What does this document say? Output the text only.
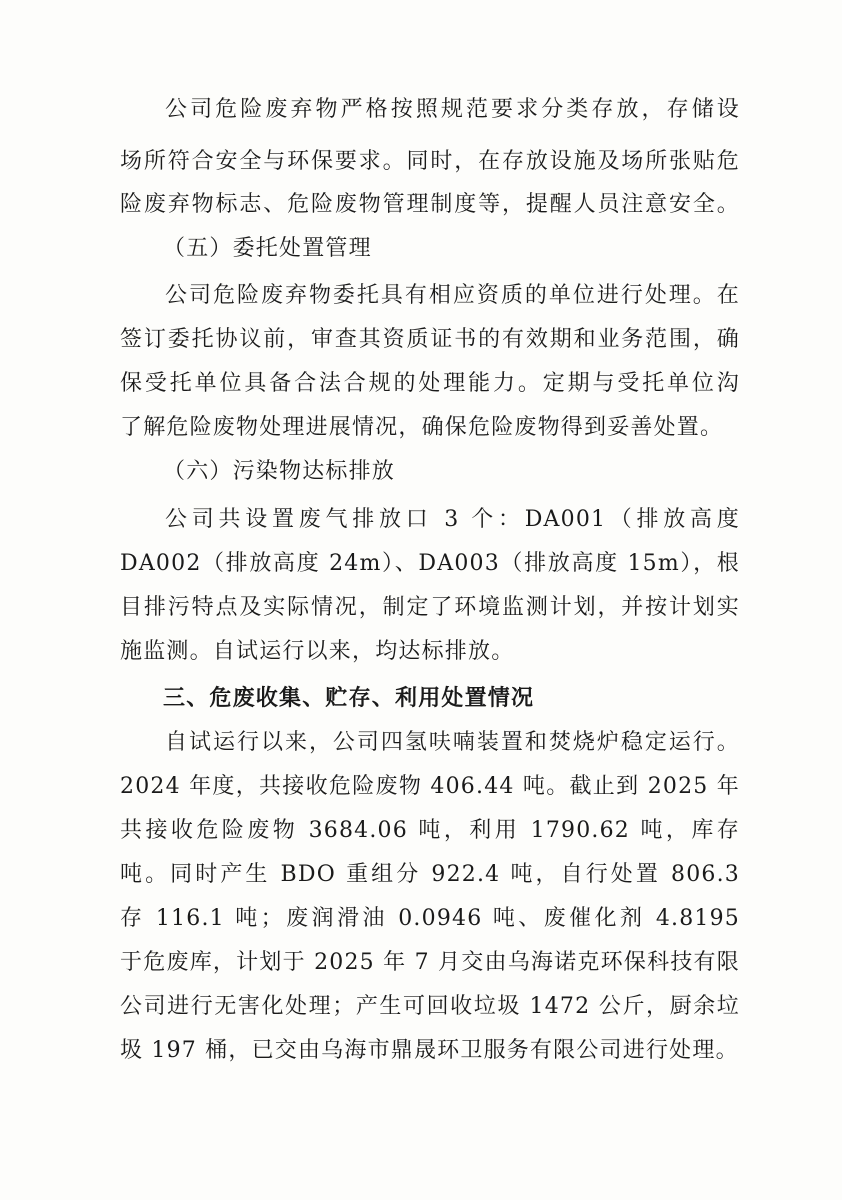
公司危险废弃物严格按照规范要求分类存放，存储设
场所符合安全与环保要求。同时，在存放设施及场所张贴危
险废弃物标志、危险废物管理制度等，提醒人员注意安全。
（五）委托处置管理
公司危险废弃物委托具有相应资质的单位进行处理。在
签订委托协议前，审查其资质证书的有效期和业务范围，确
保受托单位具备合法合规的处理能力。定期与受托单位沟
了解危险废物处理进展情况，确保危险废物得到妥善处置。
（六）污染物达标排放
公司共设置废气排放口 3 个：DA001（排放高度
DA002（排放高度 24m）、DA003（排放高度 15m），根
目排污特点及实际情况，制定了环境监测计划，并按计划实
施监测。自试运行以来，均达标排放。
三、危废收集、贮存、利用处置情况
自试运行以来，公司四氢呋喃装置和焚烧炉稳定运行。
2024 年度，共接收危险废物 406.44 吨。截止到 2025 年
共接收危险废物 3684.06 吨，利用 1790.62 吨，库存
吨。同时产生 BDO 重组分 922.4 吨，自行处置 806.3
存 116.1 吨；废润滑油 0.0946 吨、废催化剂 4.8195
于危废库，计划于 2025 年 7 月交由乌海诺克环保科技有限
公司进行无害化处理；产生可回收垃圾 1472 公斤，厨余垃
圾 197 桶，已交由乌海市鼎晟环卫服务有限公司进行处理。
